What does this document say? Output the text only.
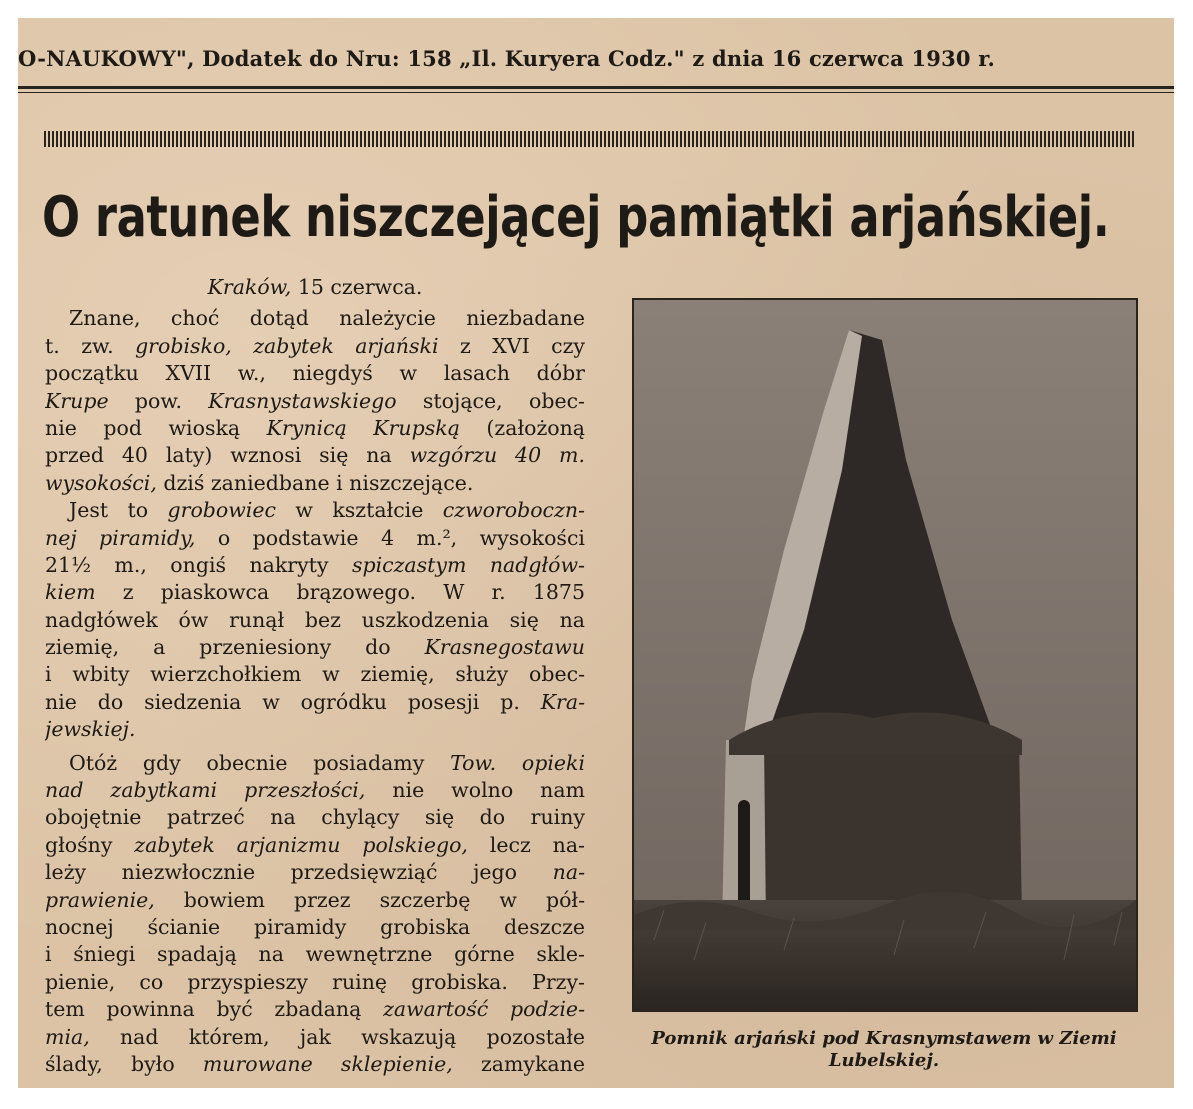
O-NAUKOWY", Dodatek do Nru: 158 „Il. Kuryera Codz." z dnia 16 czerwca 1930 r.
O ratunek niszczejącej pamiątki arjańskiej.
Kraków, 15 czerwca.
Znane, choć dotąd należycie niezbadane
t. zw. grobisko, zabytek arjański z XVI czy
początku XVII w., niegdyś w lasach dóbr
Krupe pow. Krasnystawskiego stojące, obec-
nie pod wioską Krynicą Krupską (założoną
przed 40 laty) wznosi się na wzgórzu 40 m.
wysokości, dziś zaniedbane i niszczejące.
Jest to grobowiec w kształcie czworoboczn-
nej piramidy, o podstawie 4 m.², wysokości
21½ m., ongiś nakryty spiczastym nadgłów-
kiem z piaskowca brązowego. W r. 1875
nadgłówek ów runął bez uszkodzenia się na
ziemię, a przeniesiony do Krasnegostawu
i wbity wierzchołkiem w ziemię, służy obec-
nie do siedzenia w ogródku posesji p. Kra-
jewskiej.
Otóż gdy obecnie posiadamy Tow. opieki
nad zabytkami przeszłości, nie wolno nam
obojętnie patrzeć na chylący się do ruiny
głośny zabytek arjanizmu polskiego, lecz na-
leży niezwłocznie przedsięwziąć jego na-
prawienie, bowiem przez szczerbę w pół-
nocnej ścianie piramidy grobiska deszcze
i śniegi spadają na wewnętrzne górne skle-
pienie, co przyspieszy ruinę grobiska. Przy-
tem powinna być zbadaną zawartość podzie-
mia, nad którem, jak wskazują pozostałe
ślady, było murowane sklepienie, zamykane
Pomnik arjański pod Krasnymstawem w Ziemi
Lubelskiej.
